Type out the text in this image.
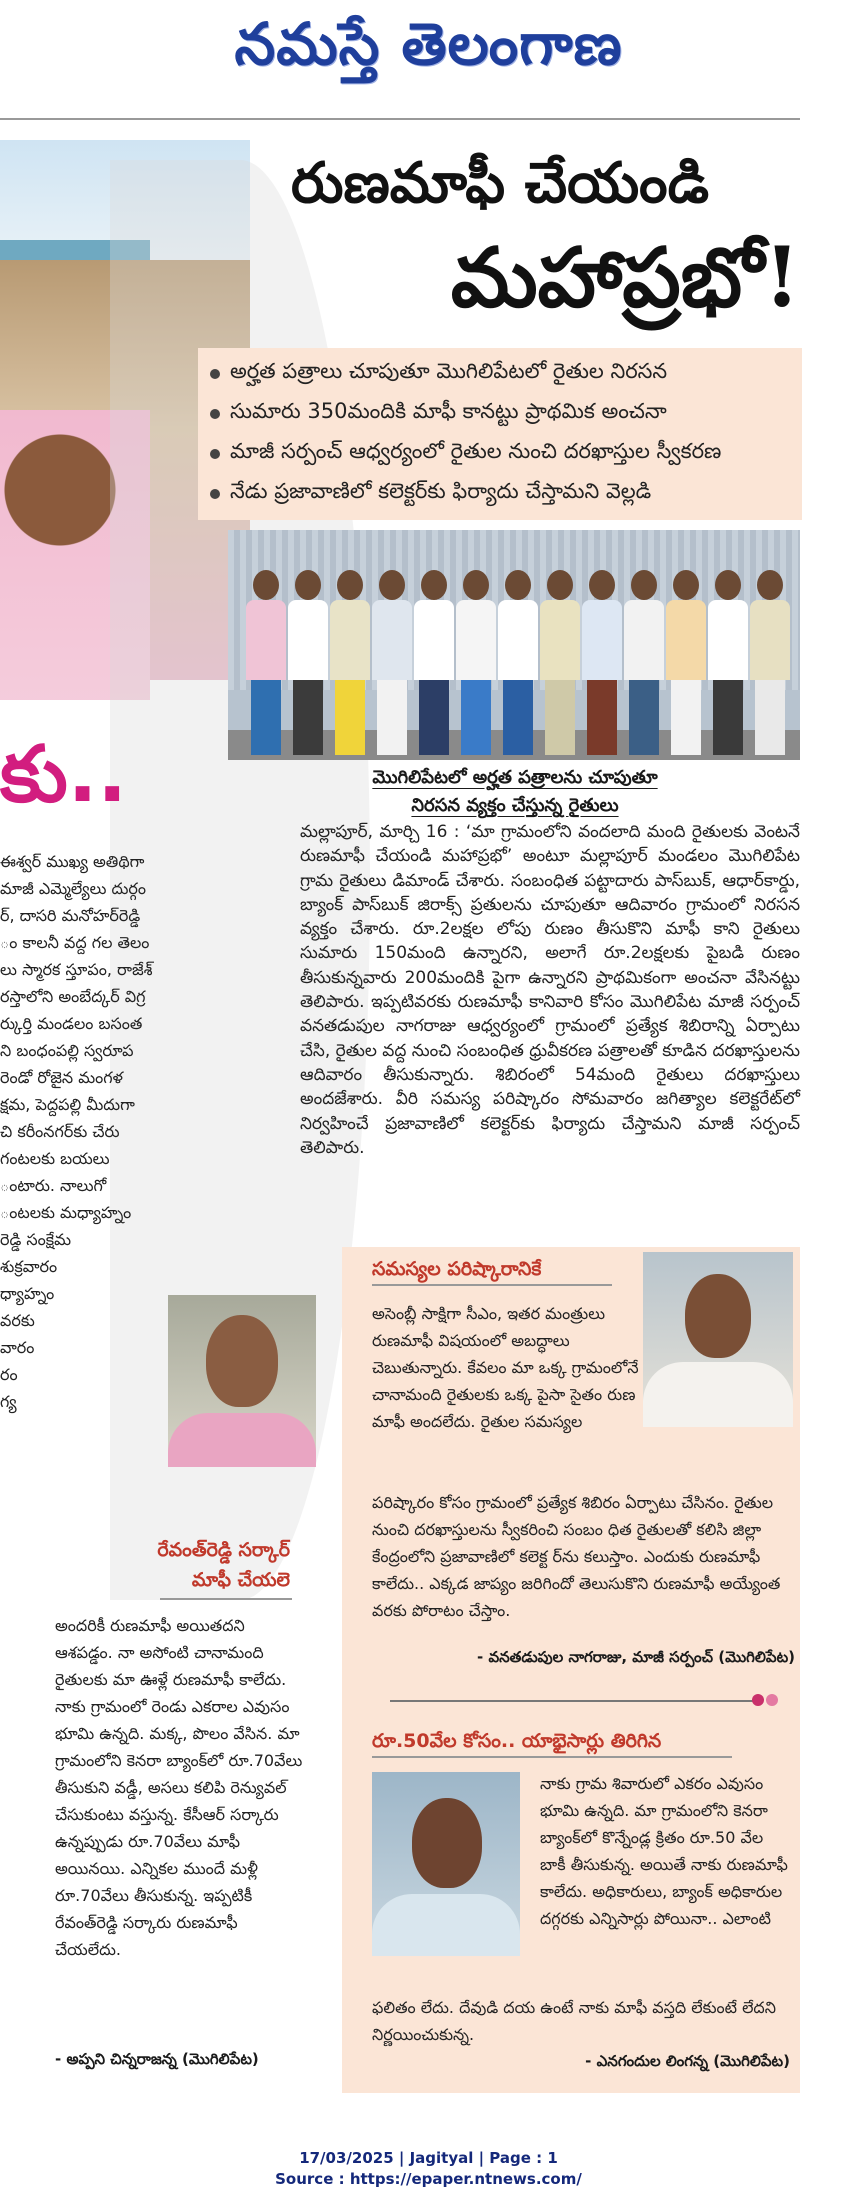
నమస్తే తెలంగాణ
కు..
ఈశ్వర్ ముఖ్య అతిథిగా
మాజీ ఎమ్మెల్యేలు దుర్గం
ర్, దాసరి మనోహర్‌రెడ్డి
ం కాలనీ వద్ద గల తెలం
లు స్మారక స్తూపం, రాజేశ్
రస్తాలోని అంబేద్కర్ విగ్ర
ర్కుర్తి మండలం బసంత
ని బంధంపల్లి స్వరూప
రెండో రోజైన మంగళ
క్షమ, పెద్దపల్లి మీదుగా
చి కరీంనగర్‌కు చేరు
గంటలకు బయలు
ంటారు. నాలుగో
ంటలకు మధ్యాహ్నం
రెడ్డి సంక్షేమ
శుక్రవారం
ధ్యాహ్నం
వరకు
వారం
రం
గ్య
రుణమాఫీ చేయండి
మహాప్రభో!
అర్హత పత్రాలు చూపుతూ మొగిలిపేటలో రైతుల నిరసన
సుమారు 350మందికి మాఫీ కానట్టు ప్రాథమిక అంచనా
మాజీ సర్పంచ్ ఆధ్వర్యంలో రైతుల నుంచి దరఖాస్తుల స్వీకరణ
నేడు ప్రజావాణిలో కలెక్టర్‌కు ఫిర్యాదు చేస్తామని వెల్లడి
మొగిలిపేటలో అర్హత పత్రాలను చూపుతూ
నిరసన వ్యక్తం చేస్తున్న రైతులు
మల్లాపూర్, మార్చి 16 : ‘మా గ్రామంలోని వందలాది మంది రైతులకు వెంటనే రుణమాఫీ చేయండి మహాప్రభో’ అంటూ మల్లాపూర్ మండలం మొగిలిపేట గ్రామ రైతులు డిమాండ్ చేశారు. సంబంధిత పట్టాదారు పాస్‌బుక్, ఆధార్‌కార్డు, బ్యాంక్ పాస్‌బుక్ జిరాక్స్ ప్రతులను చూపుతూ ఆదివారం గ్రామంలో నిరసన వ్యక్తం చేశారు. రూ.2లక్షల లోపు రుణం తీసుకొని మాఫీ కాని రైతులు సుమారు 150మంది ఉన్నారని, అలాగే రూ.2లక్షలకు పైబడి రుణం తీసుకున్నవారు 200మందికి పైగా ఉన్నారని ప్రాథమికంగా అంచనా వేసినట్టు తెలిపారు. ఇప్పటివరకు రుణమాఫీ కానివారి కోసం మొగిలిపేట మాజీ సర్పంచ్ వనతడుపుల నాగరాజు ఆధ్వర్యంలో గ్రామంలో ప్రత్యేక శిబిరాన్ని ఏర్పాటు చేసి, రైతుల వద్ద నుంచి సంబంధిత ధ్రువీకరణ పత్రాలతో కూడిన దరఖాస్తులను ఆదివారం తీసుకున్నారు. శిబిరంలో 54మంది రైతులు దరఖాస్తులు అందజేశారు. వీరి సమస్య పరిష్కారం సోమవారం జగిత్యాల కలెక్టరేట్‌లో నిర్వహించే ప్రజావాణిలో కలెక్టర్‌కు ఫిర్యాదు చేస్తామని మాజీ సర్పంచ్ తెలిపారు.
సమస్యల పరిష్కారానికే
అసెంబ్లీ సాక్షిగా సీఎం, ఇతర మంత్రులు రుణమాఫీ విషయంలో అబద్ధాలు చెబుతున్నారు. కేవలం మా ఒక్క గ్రామంలోనే చానామంది రైతులకు ఒక్క పైసా సైతం రుణ మాఫీ అందలేదు. రైతుల సమస్యల
పరిష్కారం కోసం గ్రామంలో ప్రత్యేక శిబిరం ఏర్పాటు చేసినం. రైతుల నుంచి దరఖాస్తులను స్వీకరించి సంబం ధిత రైతులతో కలిసి జిల్లా కేంద్రంలోని ప్రజావాణిలో కలెక్ట ర్‌ను కలుస్తాం. ఎందుకు రుణమాఫీ కాలేదు.. ఎక్కడ జాప్యం జరిగిందో తెలుసుకొని రుణమాఫీ అయ్యేంత వరకు పోరాటం చేస్తాం.
- వనతడుపుల నాగరాజు, మాజీ సర్పంచ్ (మొగిలిపేట)
రూ.50వేల కోసం.. యాభైసార్లు తిరిగిన
నాకు గ్రామ శివారులో ఎకరం ఎవుసం భూమి ఉన్నది. మా గ్రామంలోని కెనరా బ్యాంక్‌లో కొన్నేండ్ల క్రితం రూ.50 వేల బాకీ తీసుకున్న. అయితే నాకు రుణమాఫీ కాలేదు. అధికారులు, బ్యాంక్ అధికారుల దగ్గరకు ఎన్నిసార్లు పోయినా.. ఎలాంటి
ఫలితం లేదు. దేవుడి దయ ఉంటే నాకు మాఫీ వస్తది లేకుంటే లేదని నిర్ణయించుకున్న.
- ఎనగందుల లింగన్న (మొగిలిపేట)
రేవంత్‌రెడ్డి సర్కార్
మాఫీ చేయలె
అందరికీ రుణమాఫీ అయితదని ఆశపడ్డం. నా అసోంటి చానామంది రైతులకు మా ఊళ్లే రుణమాఫీ కాలేదు. నాకు గ్రామంలో రెండు ఎకరాల ఎవుసం భూమి ఉన్నది. మక్క, పొలం వేసిన. మా గ్రామంలోని కెనరా బ్యాంక్‌లో రూ.70వేలు తీసుకుని వడ్డీ, అసలు కలిపి రెన్యువల్ చేసుకుంటు వస్తున్న. కేసీఆర్ సర్కారు ఉన్నప్పుడు రూ.70వేలు మాఫీ అయినయి. ఎన్నికల ముందే మళ్లీ రూ.70వేలు తీసుకున్న. ఇప్పటికీ రేవంత్‌రెడ్డి సర్కారు రుణమాఫీ చేయలేదు.
- అప్పని చిన్నరాజన్న (మొగిలిపేట)
17/03/2025 | Jagityal | Page : 1
Source : https://epaper.ntnews.com/
